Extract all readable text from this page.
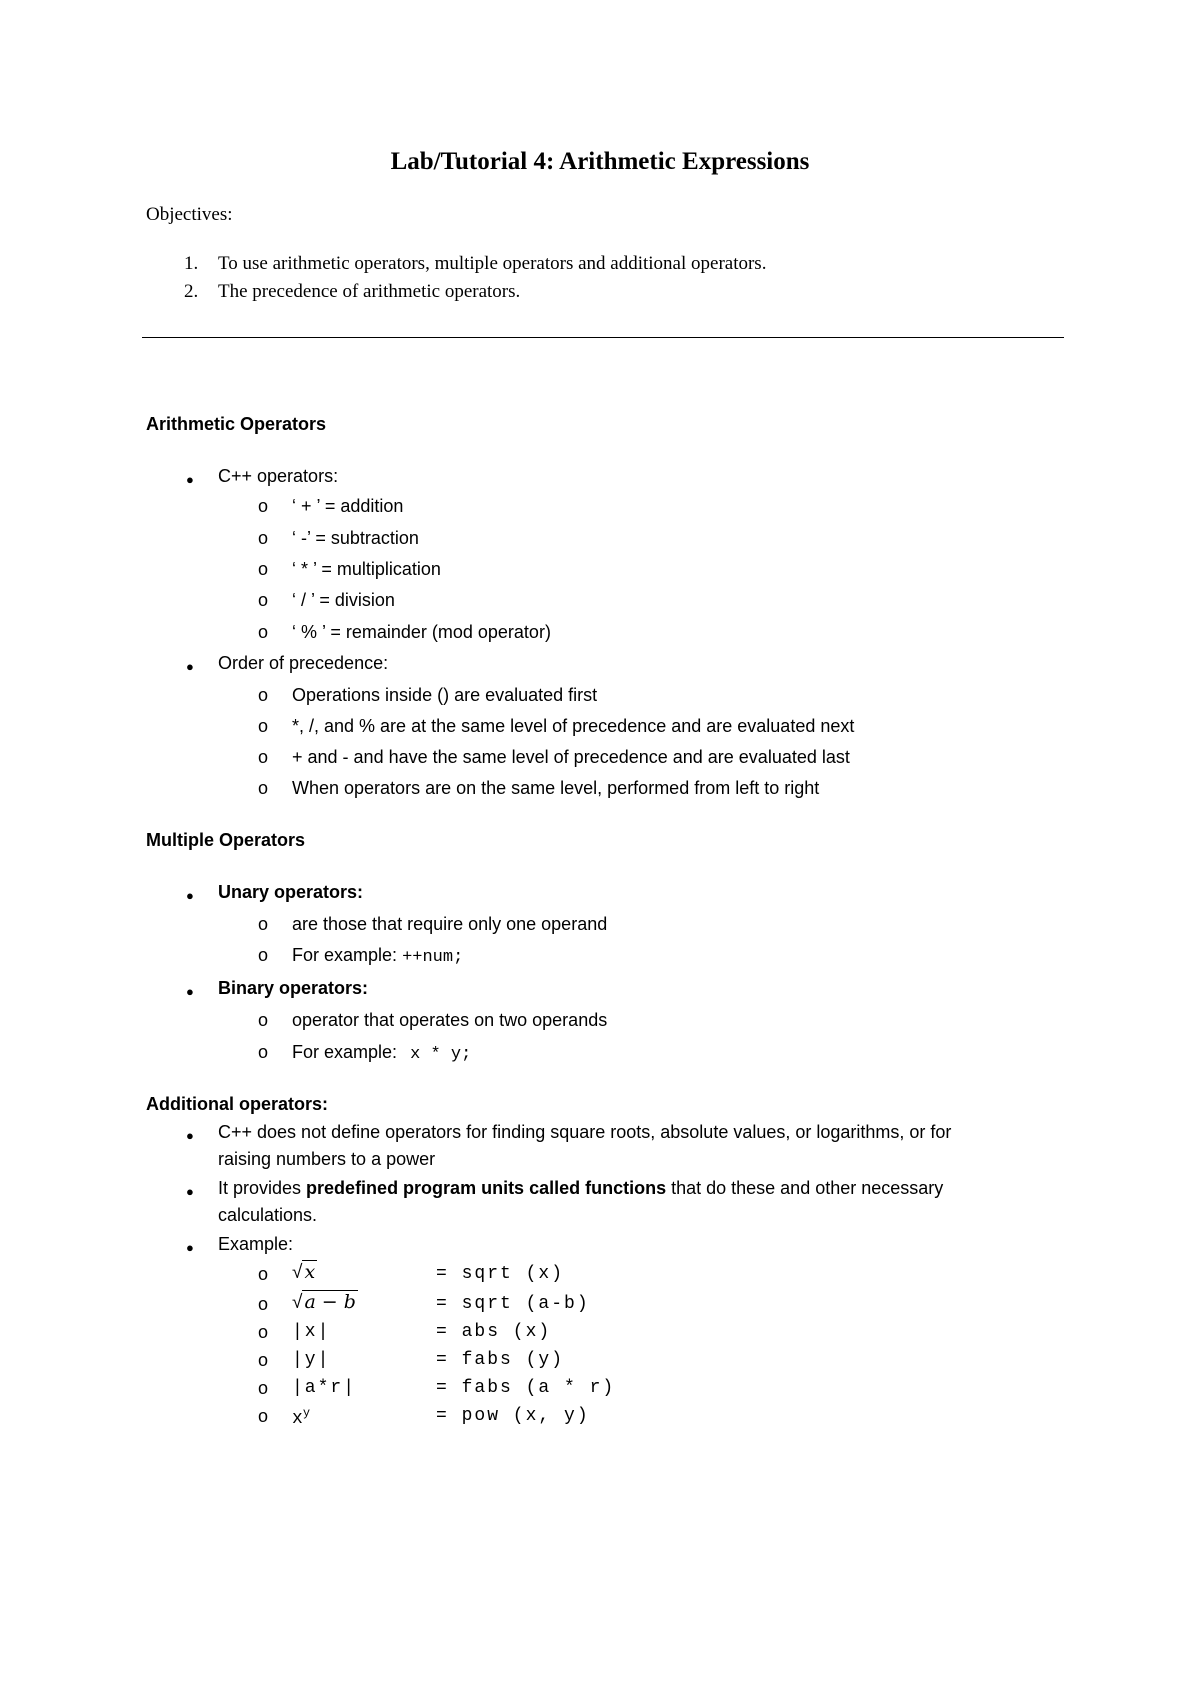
Lab/Tutorial 4: Arithmetic Expressions
Objectives:
1. To use arithmetic operators, multiple operators and additional operators.
2. The precedence of arithmetic operators.
Arithmetic Operators
● C++ operators:
o ‘ + ’ = addition
o ‘ -’ = subtraction
o ‘ * ’ = multiplication
o ‘ / ’ = division
o ‘ % ’ = remainder (mod operator)
● Order of precedence:
o Operations inside () are evaluated first
o *, /, and % are at the same level of precedence and are evaluated next
o + and - and have the same level of precedence and are evaluated last
o When operators are on the same level, performed from left to right
Multiple Operators
● Unary operators:
o are those that require only one operand
o For example: ++num;
● Binary operators:
o operator that operates on two operands
o For example: x * y;
Additional operators:
● C++ does not define operators for finding square roots, absolute values, or logarithms, or for
raising numbers to a power
● It provides predefined program units called functions that do these and other necessary
calculations.
● Example:
o √ x	= sqrt (x)
o √ a − b	= sqrt (a-b)
o |x|	= abs (x)
o |y|	= fabs (y)
o |a*r|	= fabs (a * r)
o $x^y$	= pow (x, y)
